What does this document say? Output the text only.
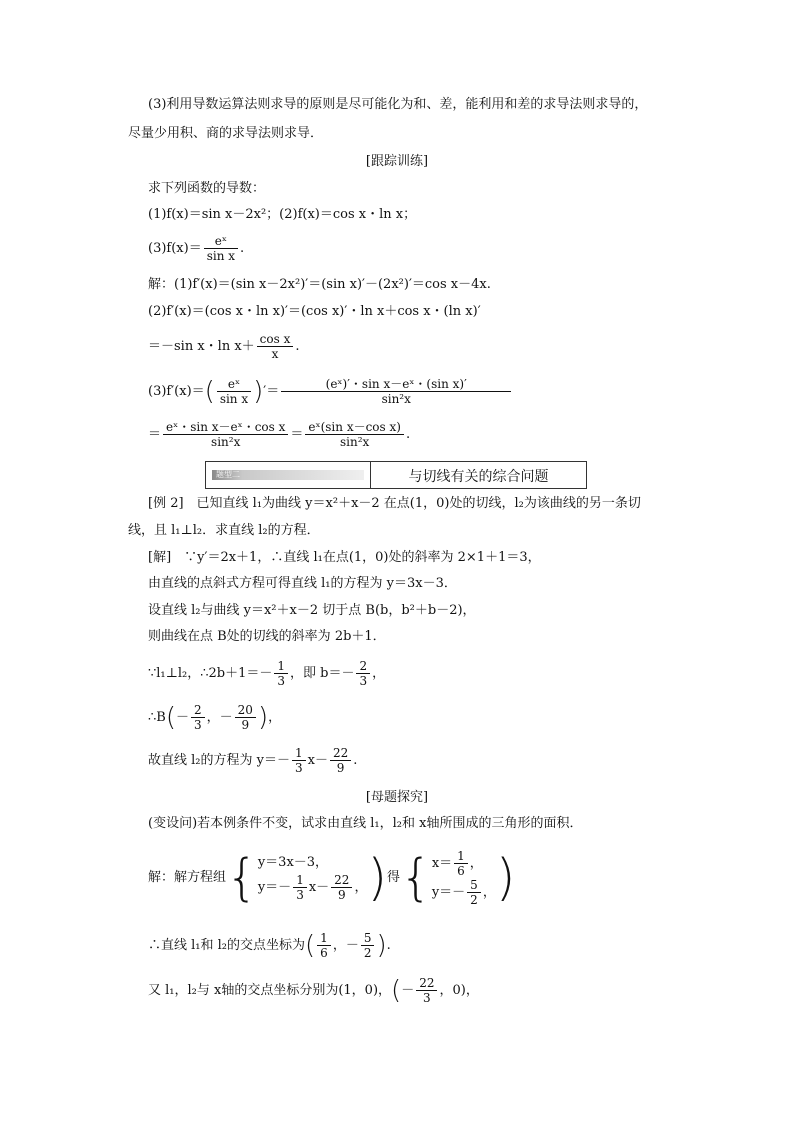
(3)利用导数运算法则求导的原则是尽可能化为和、差，能利用和差的求导法则求导的，
尽量少用积、商的求导法则求导．
[跟踪训练]
求下列函数的导数：
(1)f(x)＝sin x－2x²；(2)f(x)＝cos x・ln x；
$(3)f(x)= \frac{\text{eˣ}}{\text{sin x}}$ .
解：(1)f′(x)＝(sin x－2x²)′＝(sin x)′－(2x²)′＝cos x－4x.
(2)f′(x)＝(cos x・ln x)′＝(cos x)′・ln x＋cos x・(ln x)′
＝－sin x・$\ln x+ \frac{\text{cos x}}{x}$ .
$(3)f'(x)=( \frac{\text{eˣ}}{\text{sin x}}$ )′＝ $\frac{\text{(eˣ)′・sin x－eˣ・(sin x)′}}{\text{sin²x}}$
＝ $\frac{\text{eˣ・sin x－eˣ・cos x}}{\text{sin²x}} = \frac{\text{eˣ(sin x－cos x)}}{\text{sin²x}}$ .
题型二	与切线有关的综合问题
[例 2]　已知直线 l₁为曲线 y＝x²＋x－2 在点(1，0)处的切线，l₂为该曲线的另一条切
线，且 l₁⊥l₂．求直线 l₂的方程．
[解]　∵y′＝2x＋1，∴直线 l₁在点(1，0)处的斜率为 2×1＋1＝3，
由直线的点斜式方程可得直线 l₁的方程为 y＝3x－3．
设直线 l₂与曲线 y＝x²＋x－2 切于点 B(b，b²＋b－2)，
则曲线在点 B处的切线的斜率为 2b＋1．
∵l₁⊥l₂，∴2b＋1＝－ $\frac{1}{3}$ ，即 $b=- \frac{2}{3}$ ，
∴B(－ $\frac{2}{3}$ ，－ $\frac{20}{9}$ )，
故直线 l₂的方程为 $y=- \frac{1}{3} x- \frac{22}{9}$ .
[母题探究]
(变设问)若本例条件不变，试求由直线 l₁，l₂和 x轴所围成的三角形的面积．
解：解方程组{ y＝3x－3，
$y=- \frac{1}{3} x- \frac{22}{9}$ ， )得{ $x= \frac{1}{6}$ ，
$y=- \frac{5}{2}$ ， )
∴直线 l₁和 l₂的交点坐标为( $\frac{1}{6}$ ，－ $\frac{5}{2}$ ).
又 l₁，l₂与 x轴的交点坐标分别为(1，0)，(－ $\frac{22}{3}$ ，0)，
